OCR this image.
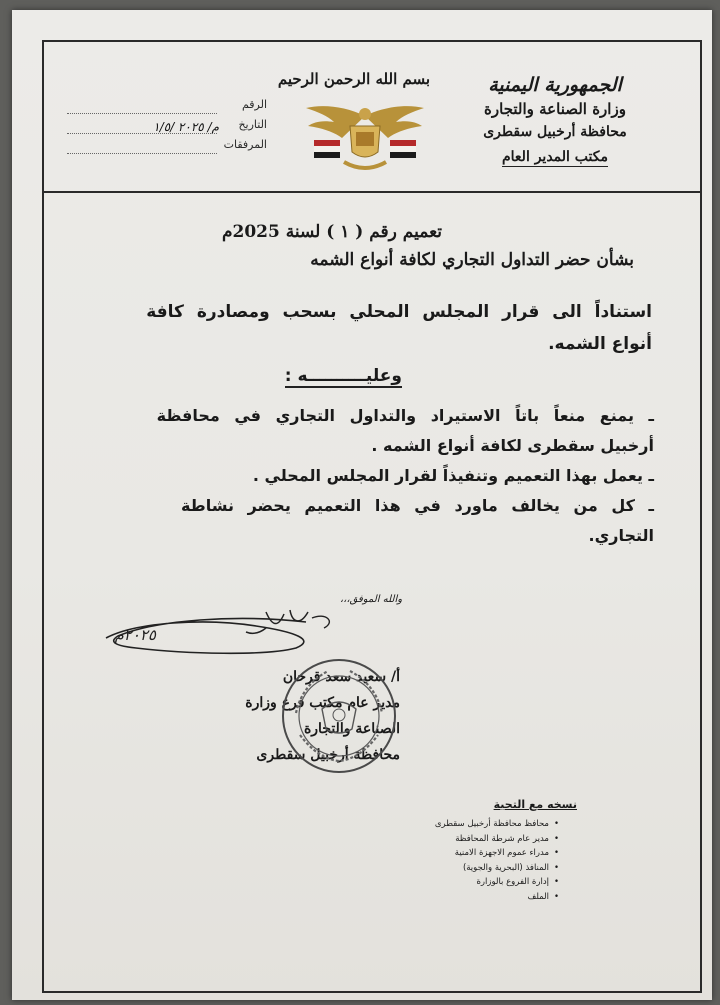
الجمهورية اليمنية
وزارة الصناعة والتجارة
محافظة أرخبيل سقطرى
مكتب المدير العام
بسم الله الرحمن الرحيم
الرقم
التاريخ
م/ ٢٠٢٥ /١/٥
المرفقات
تعميم رقم ( ١ ) لسنة 2025م
بشأن حضر التداول التجاري لكافة أنواع الشمه
استناداً الى قرار المجلس المحلي بسحب ومصادرة كافة
أنواع الشمه.
وعليــــــــــه :
ـ يمنع منعاً باتاً الاستيراد والتداول التجاري في محافظة
أرخبيل سقطرى لكافة أنواع الشمه .
ـ يعمل بهذا التعميم وتنفيذاً لقرار المجلس المحلي .
ـ كل من يخالف ماورد في هذا التعميم يحضر نشاطة
التجاري.
والله الموفق،،،
٢٠٢٥م
أ/ سعيد سعد قرحان
مدير عام مكتب فرع وزارة
الصناعة والتجارة
محافظة أرخبيل سقطرى
نسخه مع التحية
• محافظ محافظة أرخبيل سقطرى
• مدير عام شرطة المحافظة
• مدراء عموم الاجهزة الامنية
• المنافذ (البحرية والجوية)
• إدارة الفروع بالوزارة
• الملف
